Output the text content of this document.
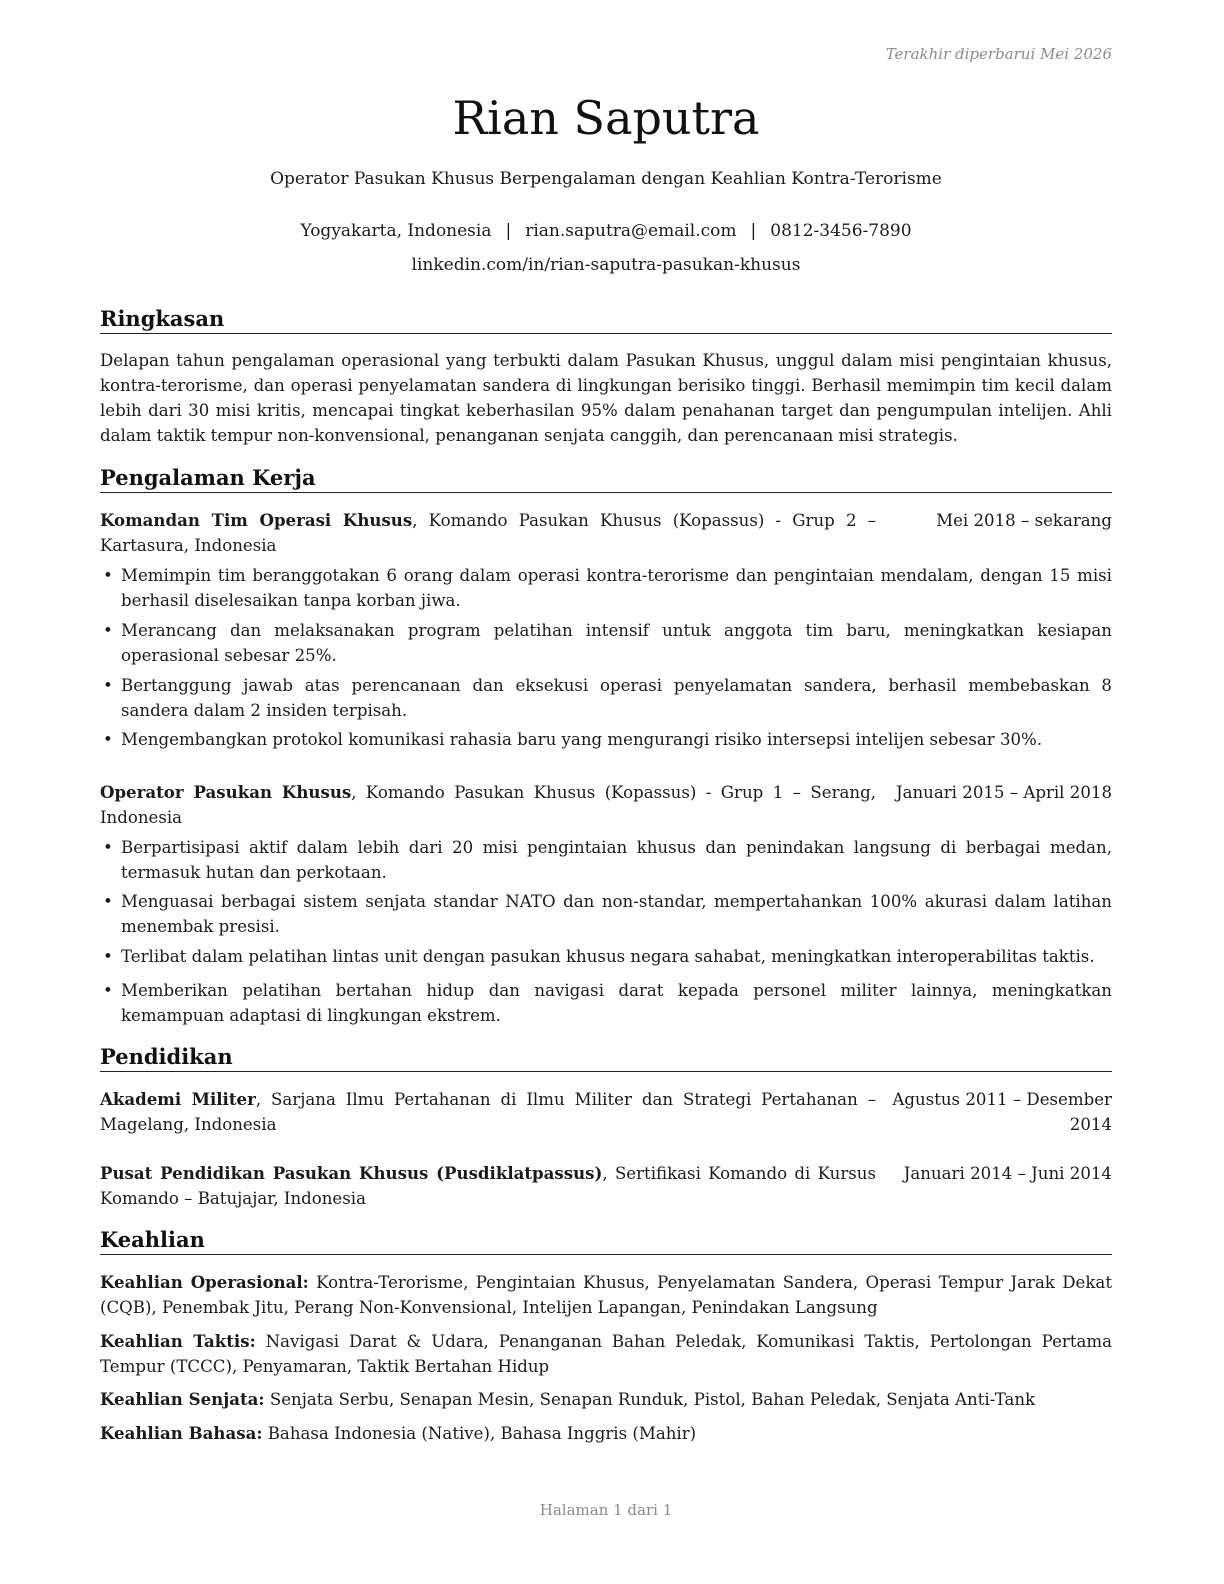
Terakhir diperbarui Mei 2026
Rian Saputra
Operator Pasukan Khusus Berpengalaman dengan Keahlian Kontra-Terorisme
Yogyakarta, Indonesia | rian.saputra@email.com | 0812-3456-7890
linkedin.com/in/rian-saputra-pasukan-khusus
Ringkasan
Delapan tahun pengalaman operasional yang terbukti dalam Pasukan Khusus, unggul dalam misi pengintaian khusus, kontra-terorisme, dan operasi penyelamatan sandera di lingkungan berisiko tinggi. Berhasil memimpin tim kecil dalam lebih dari 30 misi kritis, mencapai tingkat keberhasilan 95% dalam penahanan target dan pengumpulan intelijen. Ahli dalam taktik tempur non-konvensional, penanganan senjata canggih, dan perencanaan misi strategis.
Pengalaman Kerja
Komandan Tim Operasi Khusus, Komando Pasukan Khusus (Kopassus) - Grup 2 – Kartasura, Indonesia
Mei 2018 – sekarang
• Memimpin tim beranggotakan 6 orang dalam operasi kontra-terorisme dan pengintaian mendalam, dengan 15 misi berhasil diselesaikan tanpa korban jiwa.
• Merancang dan melaksanakan program pelatihan intensif untuk anggota tim baru, meningkatkan kesiapan operasional sebesar 25%.
• Bertanggung jawab atas perencanaan dan eksekusi operasi penyelamatan sandera, berhasil membebaskan 8 sandera dalam 2 insiden terpisah.
• Mengembangkan protokol komunikasi rahasia baru yang mengurangi risiko intersepsi intelijen sebesar 30%.
Operator Pasukan Khusus, Komando Pasukan Khusus (Kopassus) - Grup 1 – Serang, Indonesia
Januari 2015 – April 2018
• Berpartisipasi aktif dalam lebih dari 20 misi pengintaian khusus dan penindakan langsung di berbagai medan, termasuk hutan dan perkotaan.
• Menguasai berbagai sistem senjata standar NATO dan non-standar, mempertahankan 100% akurasi dalam latihan menembak presisi.
• Terlibat dalam pelatihan lintas unit dengan pasukan khusus negara sahabat, meningkatkan interoperabilitas taktis.
• Memberikan pelatihan bertahan hidup dan navigasi darat kepada personel militer lainnya, meningkatkan kemampuan adaptasi di lingkungan ekstrem.
Pendidikan
Akademi Militer, Sarjana Ilmu Pertahanan di Ilmu Militer dan Strategi Pertahanan – Magelang, Indonesia
Agustus 2011 – Desember 2014
Pusat Pendidikan Pasukan Khusus (Pusdiklatpassus), Sertifikasi Komando di Kursus Komando – Batujajar, Indonesia
Januari 2014 – Juni 2014
Keahlian
Keahlian Operasional: Kontra-Terorisme, Pengintaian Khusus, Penyelamatan Sandera, Operasi Tempur Jarak Dekat (CQB), Penembak Jitu, Perang Non-Konvensional, Intelijen Lapangan, Penindakan Langsung
Keahlian Taktis: Navigasi Darat & Udara, Penanganan Bahan Peledak, Komunikasi Taktis, Pertolongan Pertama Tempur (TCCC), Penyamaran, Taktik Bertahan Hidup
Keahlian Senjata: Senjata Serbu, Senapan Mesin, Senapan Runduk, Pistol, Bahan Peledak, Senjata Anti-Tank
Keahlian Bahasa: Bahasa Indonesia (Native), Bahasa Inggris (Mahir)
Halaman 1 dari 1
